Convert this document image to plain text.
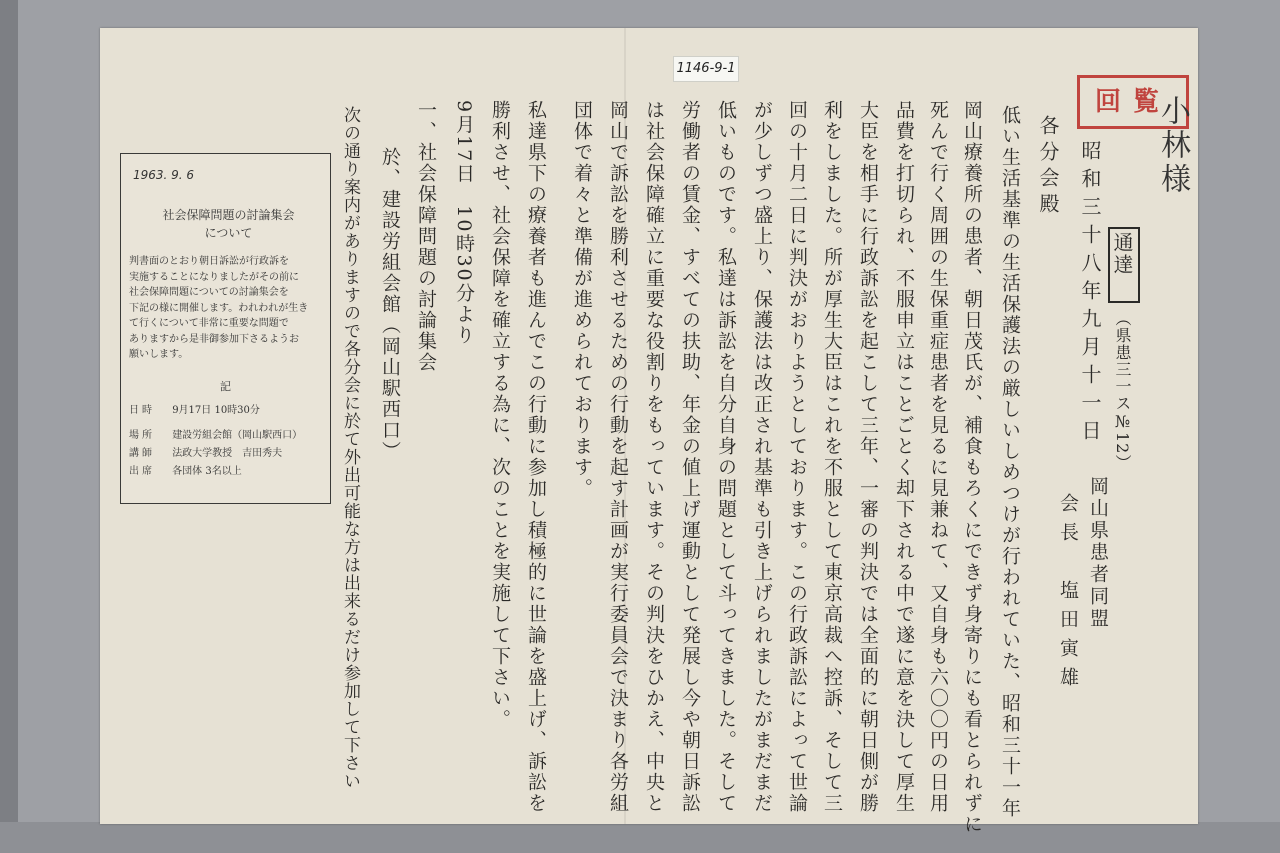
1146-9-1
回覧
小林様
通達
（県患三一ス№12）
昭和三十八年九月十一日
岡山県患者同盟
会長　塩田寅雄
各分会殿
低い生活基準の生活保護法の厳しいしめつけが行われていた、昭和三十一年
岡山療養所の患者、朝日茂氏が、補食もろくにできず身寄りにも看とられずに
死んで行く周囲の生保重症患者を見るに見兼ねて、又自身も六〇〇円の日用
品費を打切られ、不服申立はことごとく却下される中で遂に意を決して厚生
大臣を相手に行政訴訟を起こして三年、一審の判決では全面的に朝日側が勝
利をしました。所が厚生大臣はこれを不服として東京高裁へ控訴、そして三
回の十月二日に判決がおりようとしております。この行政訴訟によって世論
が少しずつ盛上り、保護法は改正され基準も引き上げられましたがまだまだ
低いものです。私達は訴訟を自分自身の問題として斗ってきました。そして
労働者の賃金、すべての扶助、年金の値上げ運動として発展し今や朝日訴訟
は社会保障確立に重要な役割りをもっています。その判決をひかえ、中央と
岡山で訴訟を勝利させるための行動を起す計画が実行委員会で決まり各労組
団体で着々と準備が進められております。
私達県下の療養者も進んでこの行動に参加し積極的に世論を盛上げ、訴訟を
勝利させ、社会保障を確立する為に、次のことを実施して下さい。
9月17日　10時30分より
一、社会保障問題の討論集会
　於、建設労組会館（岡山駅西口）
次の通り案内がありますので各分会に於て外出可能な方は出来るだけ参加して下さい
1963. 9. 6
社会保障問題の討論集会
について
判書面のとおり朝日訴訟が行政訴を
実施することになりましたがその前に
社会保障問題についての討論集会を
下記の様に開催します。われわれが生き
て行くについて非常に重要な問題で
ありますから是非御参加下さるようお
願いします。
記
日時 9月17日 10時30分
場所 建設労組会館（岡山駅西口）
講師 法政大学教授　吉田秀夫
出席 各団体 3名以上
